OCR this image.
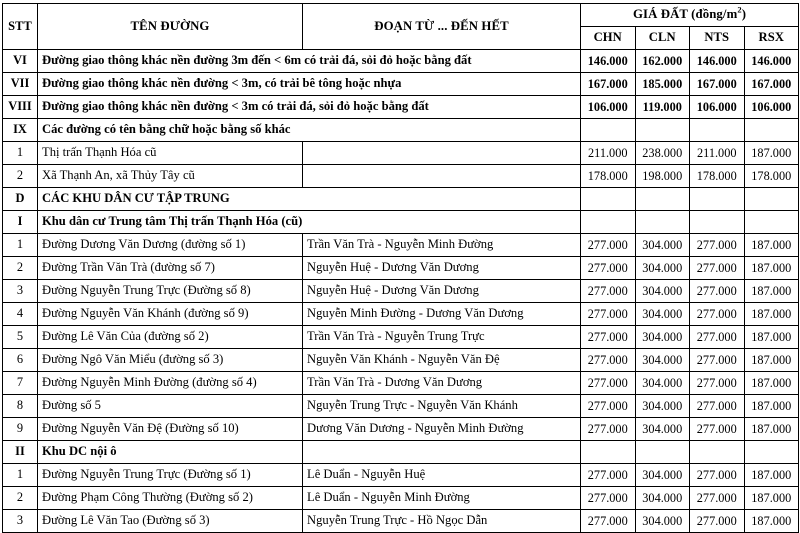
STT	TÊN ĐƯỜNG	ĐOẠN TỪ ... ĐẾN HẾT	GIÁ ĐẤT $(đồng/m^2)$			
			CHN	CLN	NTS	RSX
VI	Đường giao thông khác nền đường 3m đến < 6m có trải đá, sỏi đỏ hoặc bằng đất		146.000	162.000	146.000	146.000
VII	Đường giao thông khác nền đường < 3m, có trải bê tông hoặc nhựa		167.000	185.000	167.000	167.000
VIII	Đường giao thông khác nền đường < 3m có trải đá, sỏi đỏ hoặc bằng đất		106.000	119.000	106.000	106.000
IX	Các đường có tên bằng chữ hoặc bằng số khác					
1	Thị trấn Thạnh Hóa cũ		211.000	238.000	211.000	187.000
2	Xã Thạnh An, xã Thủy Tây cũ		178.000	198.000	178.000	178.000
D	CÁC KHU DÂN CƯ TẬP TRUNG					
I	Khu dân cư Trung tâm Thị trấn Thạnh Hóa (cũ)					
1	Đường Dương Văn Dương (đường số 1)	Trần Văn Trà - Nguyễn Minh Đường	277.000	304.000	277.000	187.000
2	Đường Trần Văn Trà (đường số 7)	Nguyễn Huệ - Dương Văn Dương	277.000	304.000	277.000	187.000
3	Đường Nguyễn Trung Trực (Đường số 8)	Nguyễn Huệ - Dương Văn Dương	277.000	304.000	277.000	187.000
4	Đường Nguyễn Văn Khánh (đường số 9)	Nguyễn Minh Đường - Dương Văn Dương	277.000	304.000	277.000	187.000
5	Đường Lê Văn Của (đường số 2)	Trần Văn Trà - Nguyễn Trung Trực	277.000	304.000	277.000	187.000
6	Đường Ngô Văn Miểu (đường số 3)	Nguyễn Văn Khánh - Nguyễn Văn Đệ	277.000	304.000	277.000	187.000
7	Đường Nguyễn Minh Đường (đường số 4)	Trần Văn Trà - Dương Văn Dương	277.000	304.000	277.000	187.000
8	Đường số 5	Nguyễn Trung Trực - Nguyễn Văn Khánh	277.000	304.000	277.000	187.000
9	Đường Nguyễn Văn Đệ (Đường số 10)	Dương Văn Dương - Nguyễn Minh Đường	277.000	304.000	277.000	187.000
II	Khu DC nội ô					
1	Đường Nguyễn Trung Trực (Đường số 1)	Lê Duẩn - Nguyễn Huệ	277.000	304.000	277.000	187.000
2	Đường Phạm Công Thường (Đường số 2)	Lê Duẩn - Nguyễn Minh Đường	277.000	304.000	277.000	187.000
3	Đường Lê Văn Tao (Đường số 3)	Nguyễn Trung Trực - Hồ Ngọc Dẫn	277.000	304.000	277.000	187.000
